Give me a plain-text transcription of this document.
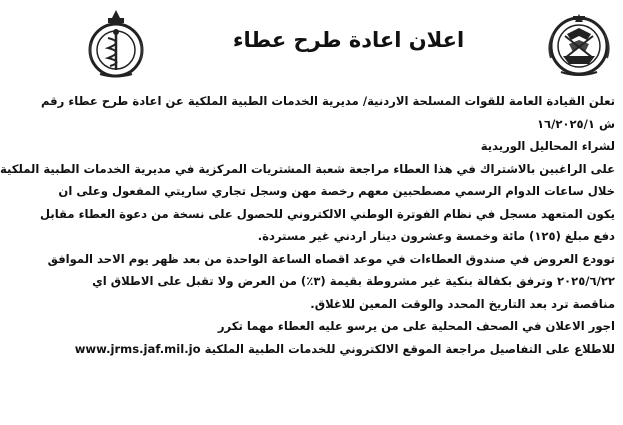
اعلان اعادة طرح عطاء

تعلن القيادة العامة للقوات المسلحة الاردنية/ مديرية الخدمات الطبية الملكية عن اعادة طرح عطاء رقم

ش ١٦/٢٠٢٥/١

لشراء المحاليل الوريدية

على الراغبين بالاشتراك في هذا العطاء مراجعة شعبة المشتريات المركزية في مديرية الخدمات الطبية الملكية

خلال ساعات الدوام الرسمي مصطحبين معهم رخصة مهن وسجل تجاري ساريتي المفعول وعلى ان

يكون المتعهد مسجل في نظام الفوترة الوطني الالكتروني للحصول على نسخة من دعوة العطاء مقابل

دفع مبلغ (١٢٥) مائة وخمسة وعشرون دينار اردني غير مستردة.

توودع العروض في صندوق العطاءات في موعد اقصاه الساعة الواحدة من بعد ظهر يوم الاحد الموافق

٢٠٢٥/٦/٢٢ وترفق بكفالة بنكية غير مشروطة بقيمة (٣٪) من العرض ولا تقبل على الاطلاق اي

مناقصة ترد بعد التاريخ المحدد والوقت المعين للاغلاق.

اجور الاعلان في الصحف المحلية على من يرسو عليه العطاء مهما تكرر

للاطلاع على التفاصيل مراجعة الموقع الالكتروني للخدمات الطبية الملكية www.jrms.jaf.mil.jo
